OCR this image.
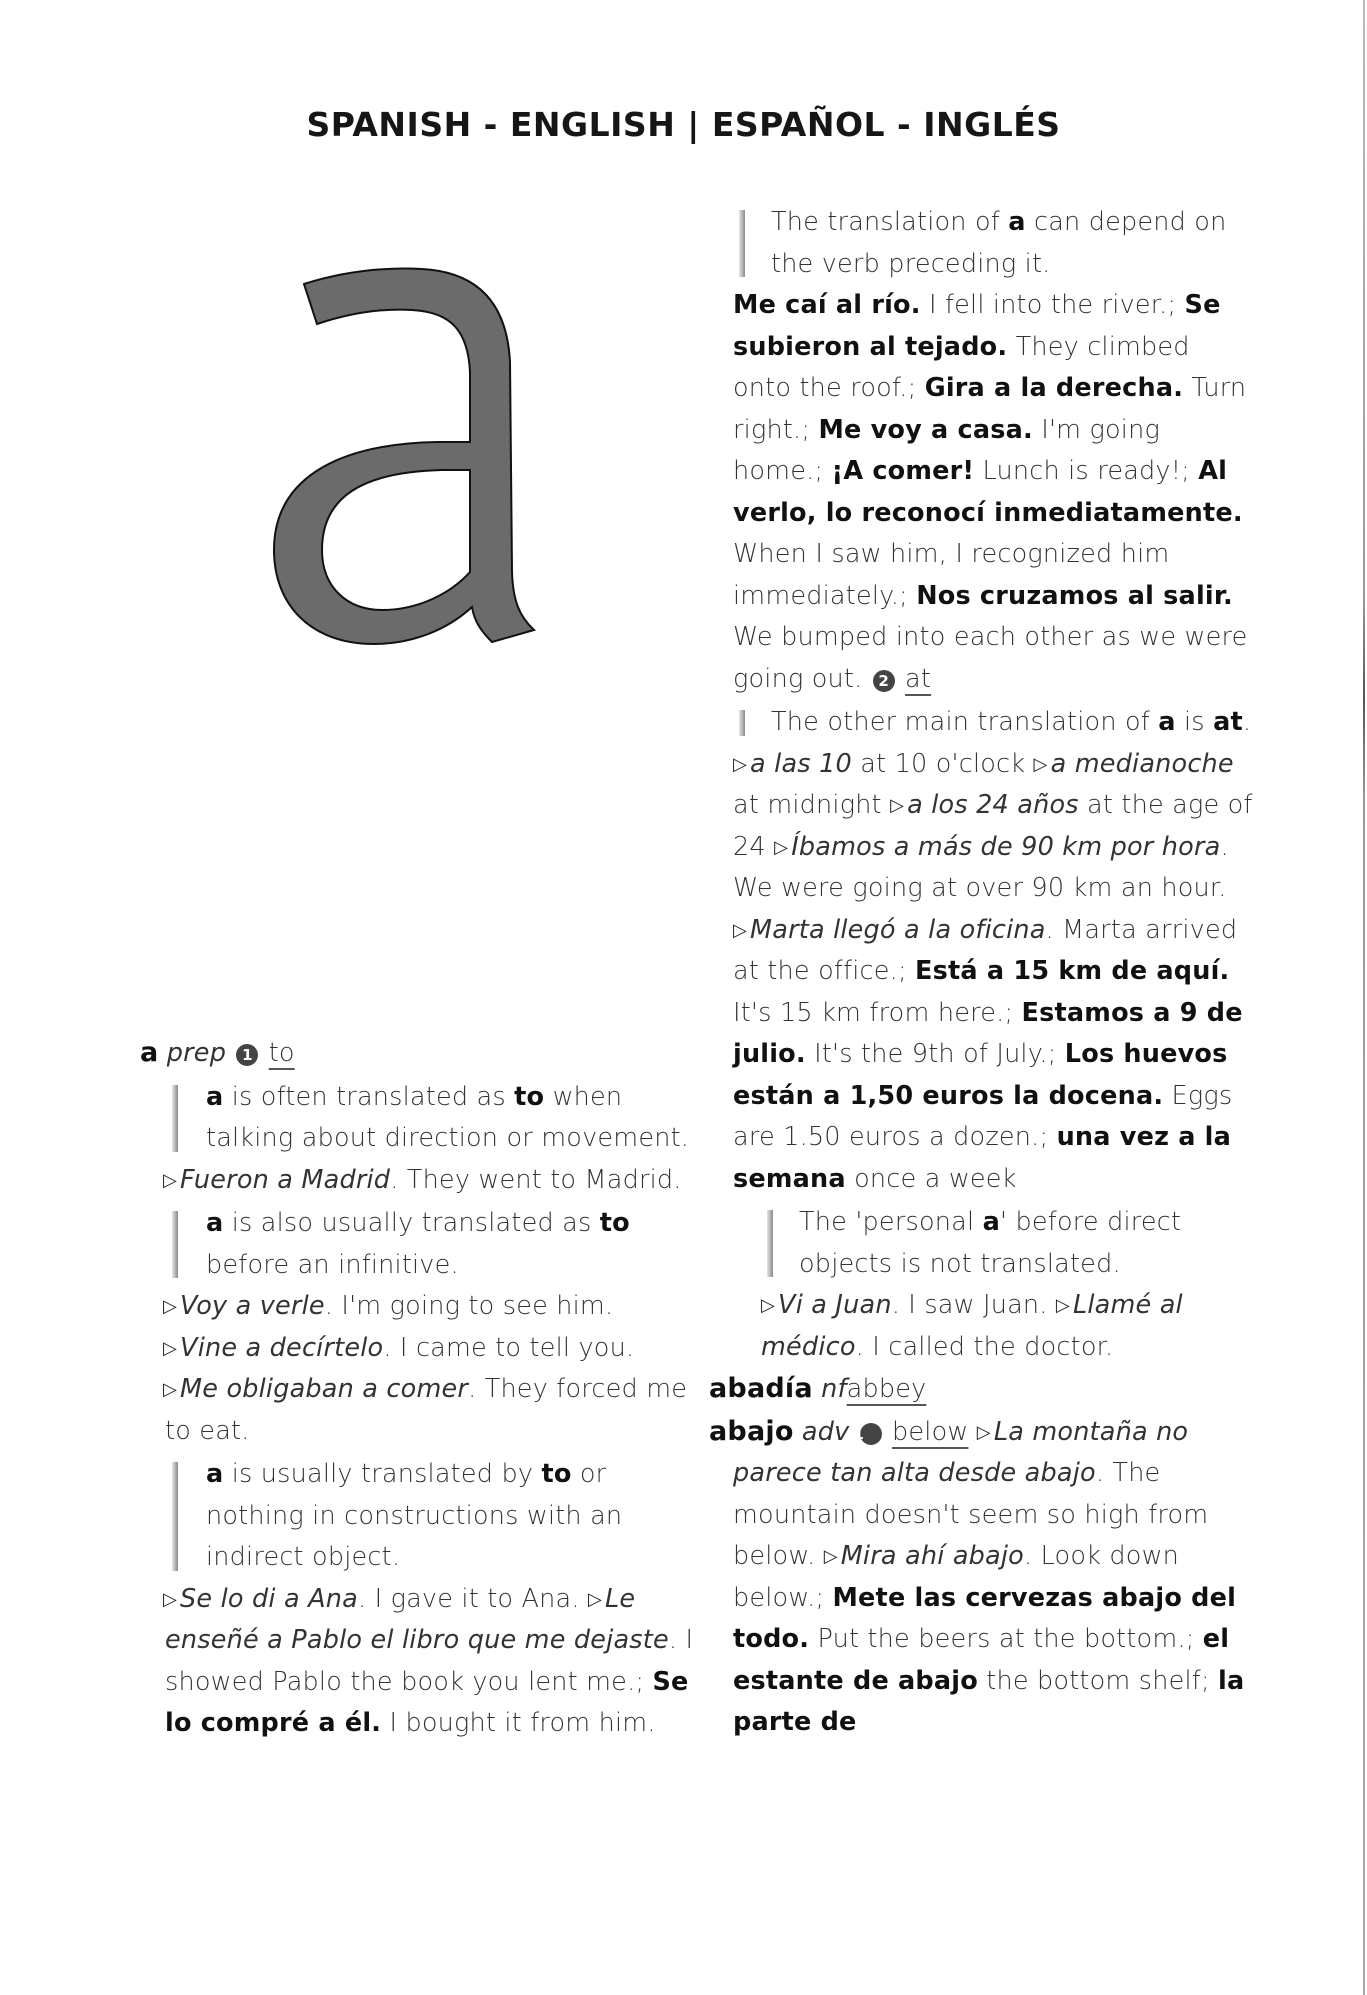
SPANISH - ENGLISH | ESPAÑOL - INGLÉS

a prep 1 to

a is often translated as to when talking about direction or movement.

▷ Fueron a Madrid. They went to Madrid.

a is also usually translated as to before an infinitive.

▷ Voy a verle. I'm going to see him.

▷ Vine a decírtelo. I came to tell you.

▷ Me obligaban a comer. They forced me to eat.

a is usually translated by to or nothing in constructions with an indirect object.

▷ Se lo di a Ana. I gave it to Ana. ▷ Le enseñé a Pablo el libro que me dejaste. I showed Pablo the book you lent me.; Se lo compré a él. I bought it from him.

The translation of a can depend on the verb preceding it.

Me caí al río. I fell into the river.; Se subieron al tejado. They climbed onto the roof.; Gira a la derecha. Turn right.; Me voy a casa. I'm going home.; ¡A comer! Lunch is ready!; Al verlo, lo reconocí inmediatamente. When I saw him, I recognized him immediately.; Nos cruzamos al salir. We bumped into each other as we were going out. 2 at

The other main translation of a is at.

▷ a las 10 at 10 o'clock ▷ a medianoche at midnight ▷ a los 24 años at the age of 24 ▷ Íbamos a más de 90 km por hora. We were going at over 90 km an hour. ▷ Marta llegó a la oficina. Marta arrived at the office.; Está a 15 km de aquí. It's 15 km from here.; Estamos a 9 de julio. It's the 9th of July.; Los huevos están a 1,50 euros la docena. Eggs are 1.50 euros a dozen.; una vez a la semana once a week

The 'personal a' before direct objects is not translated.

▷ Vi a Juan. I saw Juan. ▷ Llamé al médico. I called the doctor.

abadía nfabbey

abajo adv 1 below ▷ La montaña no parece tan alta desde abajo. The mountain doesn't seem so high from below. ▷ Mira ahí abajo. Look down below.; Mete las cervezas abajo del todo. Put the beers at the bottom.; el estante de abajo the bottom shelf; la parte de
